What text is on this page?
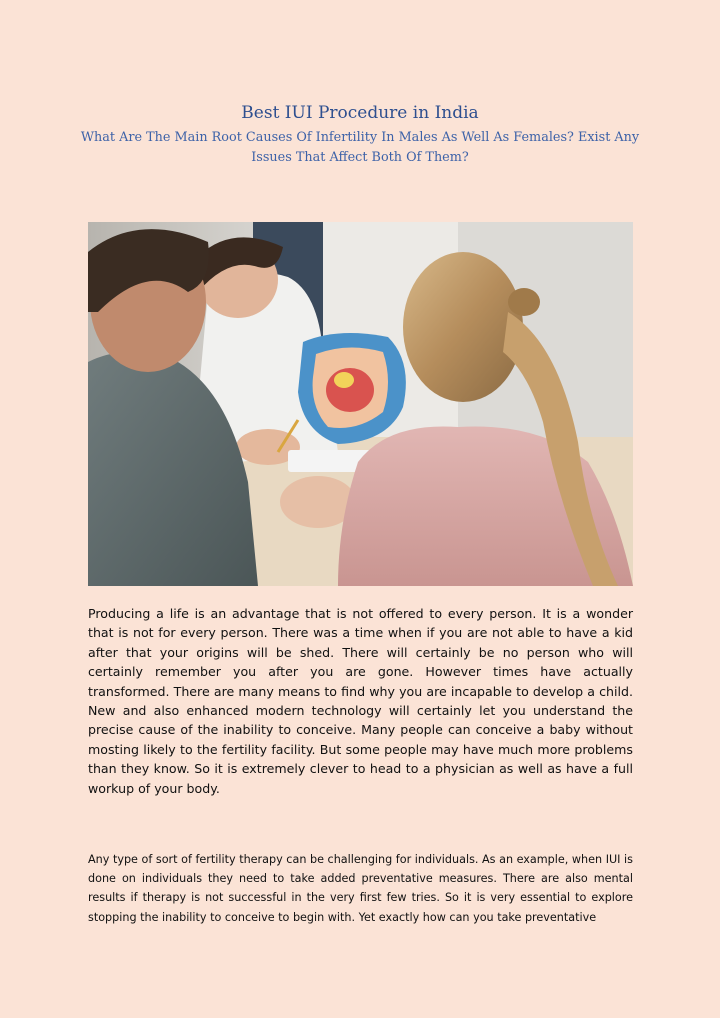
Best IUI Procedure in India
What Are The Main Root Causes Of Infertility In Males As Well As Females? Exist Any Issues That Affect Both Of Them?

Producing a life is an advantage that is not offered to every person. It is a wonder that is not for every person. There was a time when if you are not able to have a kid after that your origins will be shed. There will certainly be no person who will certainly remember you after you are gone. However times have actually transformed. There are many means to find why you are incapable to develop a child. New and also enhanced modern technology will certainly let you understand the precise cause of the inability to conceive. Many people can conceive a baby without mosting likely to the fertility facility. But some people may have much more problems than they know. So it is extremely clever to head to a physician as well as have a full workup of your body.

Any type of sort of fertility therapy can be challenging for individuals. As an example, when IUI is done on individuals they need to take added preventative measures. There are also mental results if therapy is not successful in the very first few tries. So it is very essential to explore stopping the inability to conceive to begin with. Yet exactly how can you take preventative
